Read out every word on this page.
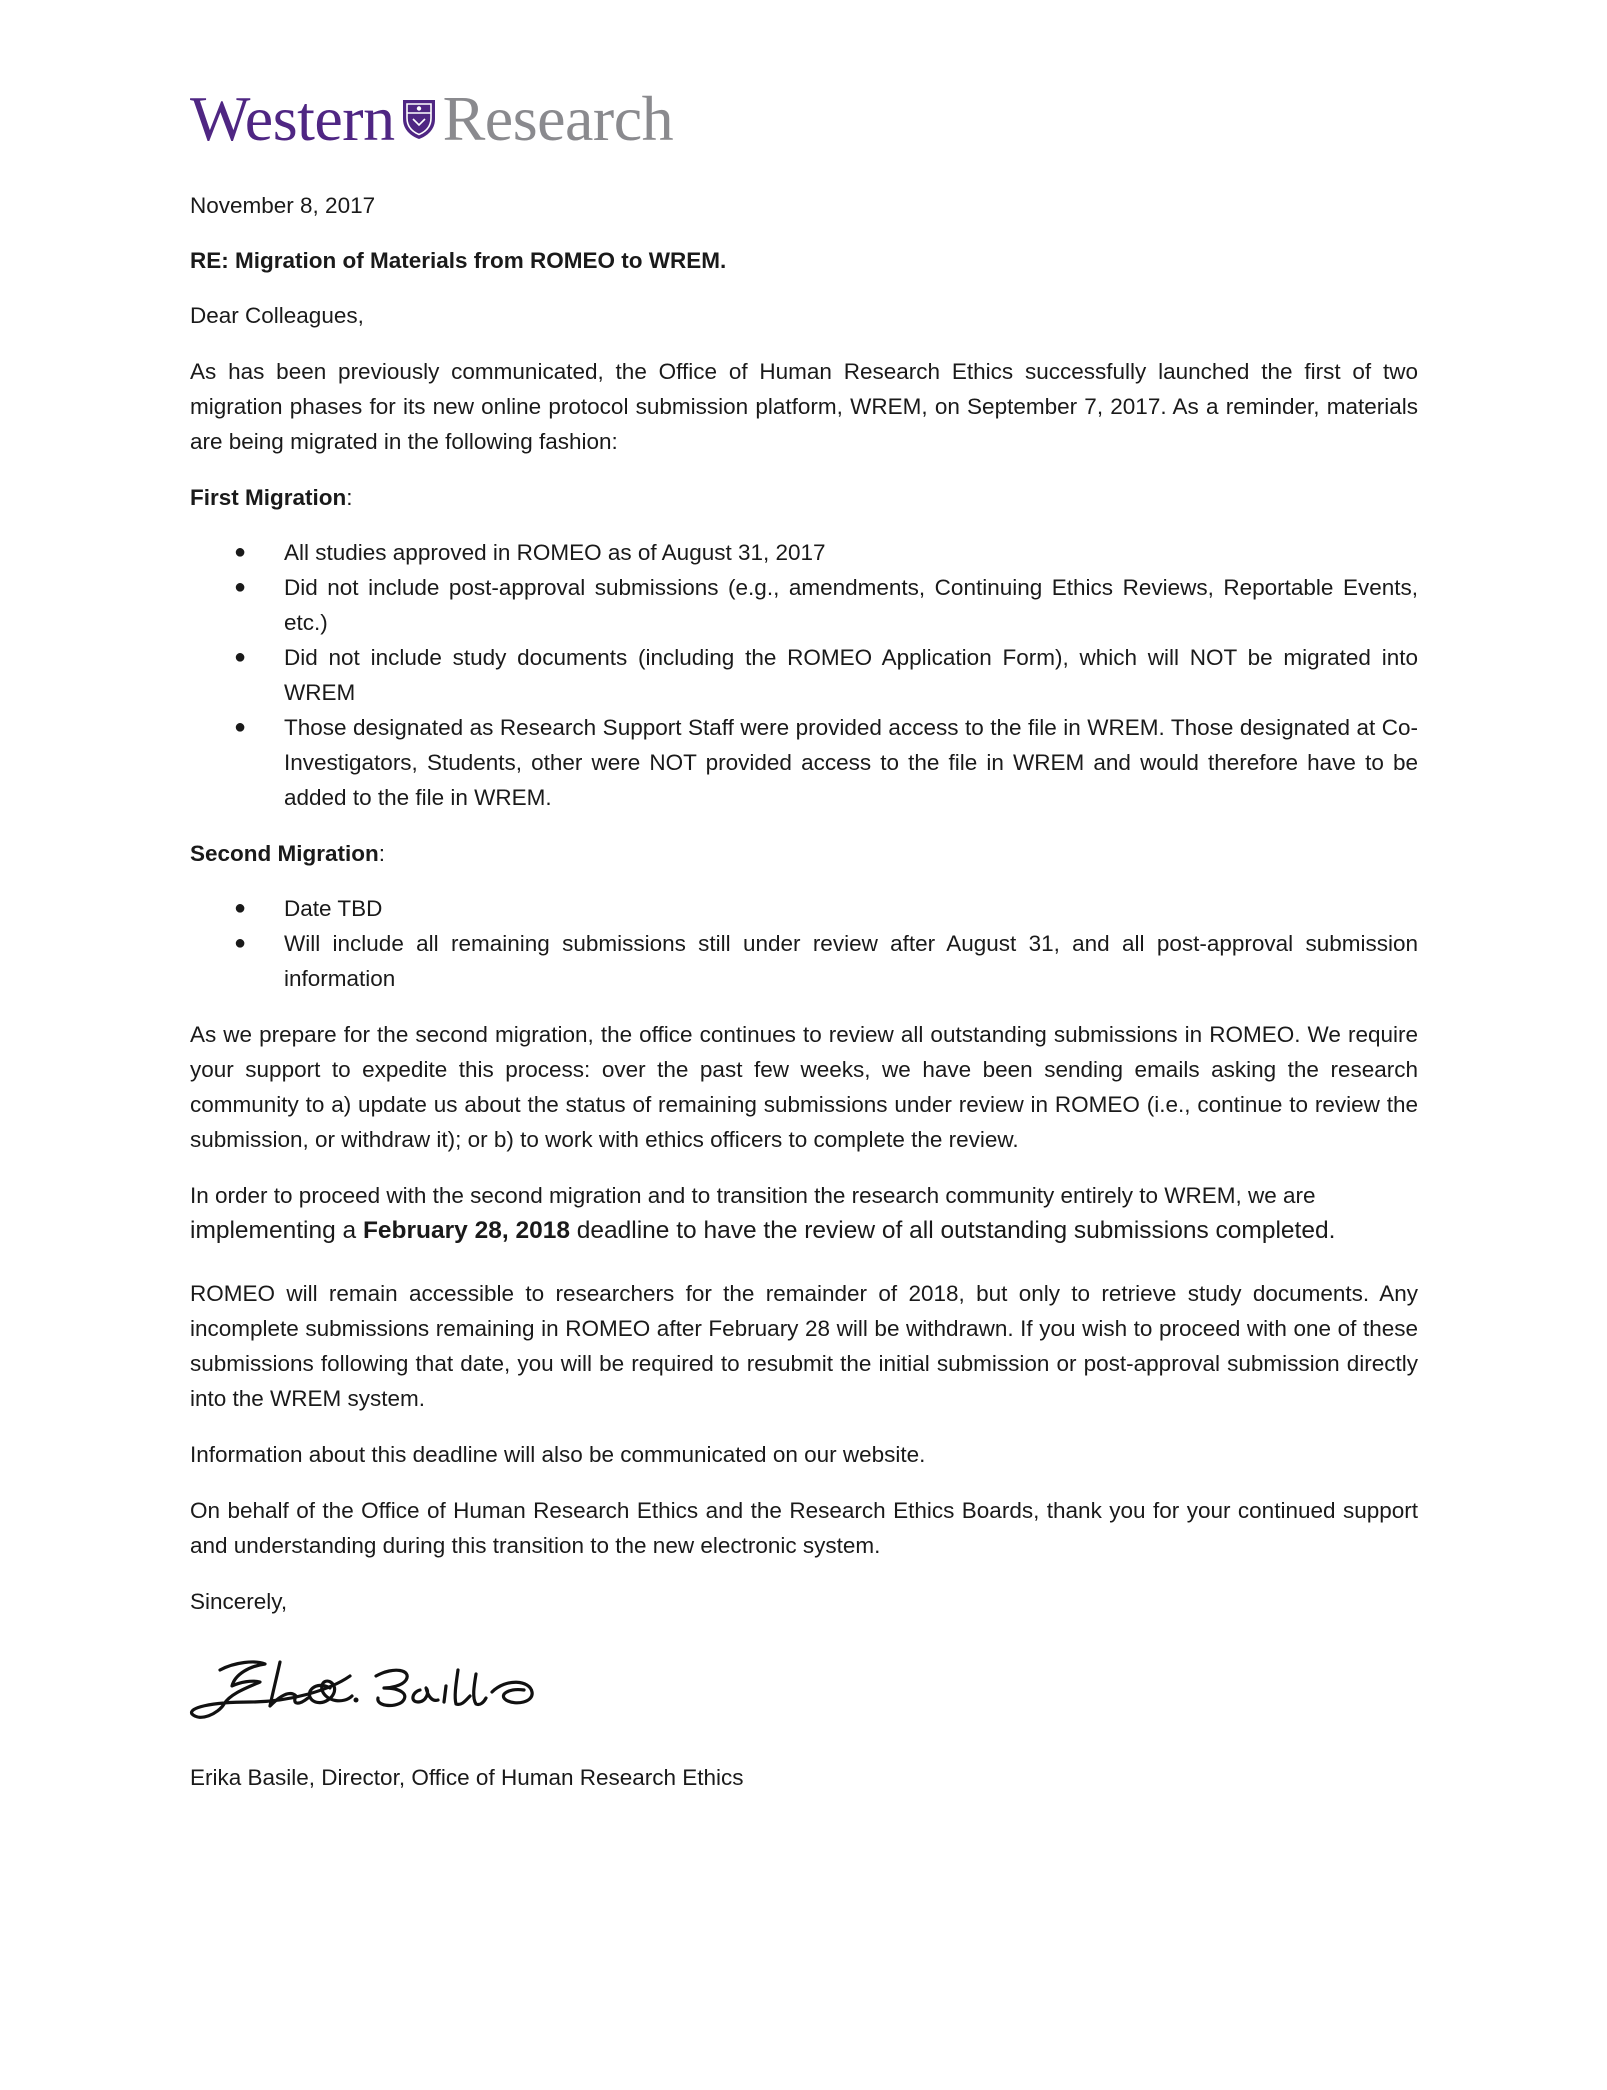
Western Research

November 8, 2017

RE: Migration of Materials from ROMEO to WREM.

Dear Colleagues,

As has been previously communicated, the Office of Human Research Ethics successfully launched the first of two migration phases for its new online protocol submission platform, WREM, on September 7, 2017. As a reminder, materials are being migrated in the following fashion:

First Migration:

● All studies approved in ROMEO as of August 31, 2017
● Did not include post-approval submissions (e.g., amendments, Continuing Ethics Reviews, Reportable Events, etc.)
● Did not include study documents (including the ROMEO Application Form), which will NOT be migrated into WREM
● Those designated as Research Support Staff were provided access to the file in WREM. Those designated at Co-Investigators, Students, other were NOT provided access to the file in WREM and would therefore have to be added to the file in WREM.

Second Migration:

● Date TBD
● Will include all remaining submissions still under review after August 31, and all post-approval submission information

As we prepare for the second migration, the office continues to review all outstanding submissions in ROMEO. We require your support to expedite this process: over the past few weeks, we have been sending emails asking the research community to a) update us about the status of remaining submissions under review in ROMEO (i.e., continue to review the submission, or withdraw it); or b) to work with ethics officers to complete the review.

In order to proceed with the second migration and to transition the research community entirely to WREM, we are
implementing a February 28, 2018 deadline to have the review of all outstanding submissions completed.

ROMEO will remain accessible to researchers for the remainder of 2018, but only to retrieve study documents. Any incomplete submissions remaining in ROMEO after February 28 will be withdrawn. If you wish to proceed with one of these submissions following that date, you will be required to resubmit the initial submission or post-approval submission directly into the WREM system.

Information about this deadline will also be communicated on our website.

On behalf of the Office of Human Research Ethics and the Research Ethics Boards, thank you for your continued support and understanding during this transition to the new electronic system.

Sincerely,

Erika Basile, Director, Office of Human Research Ethics
